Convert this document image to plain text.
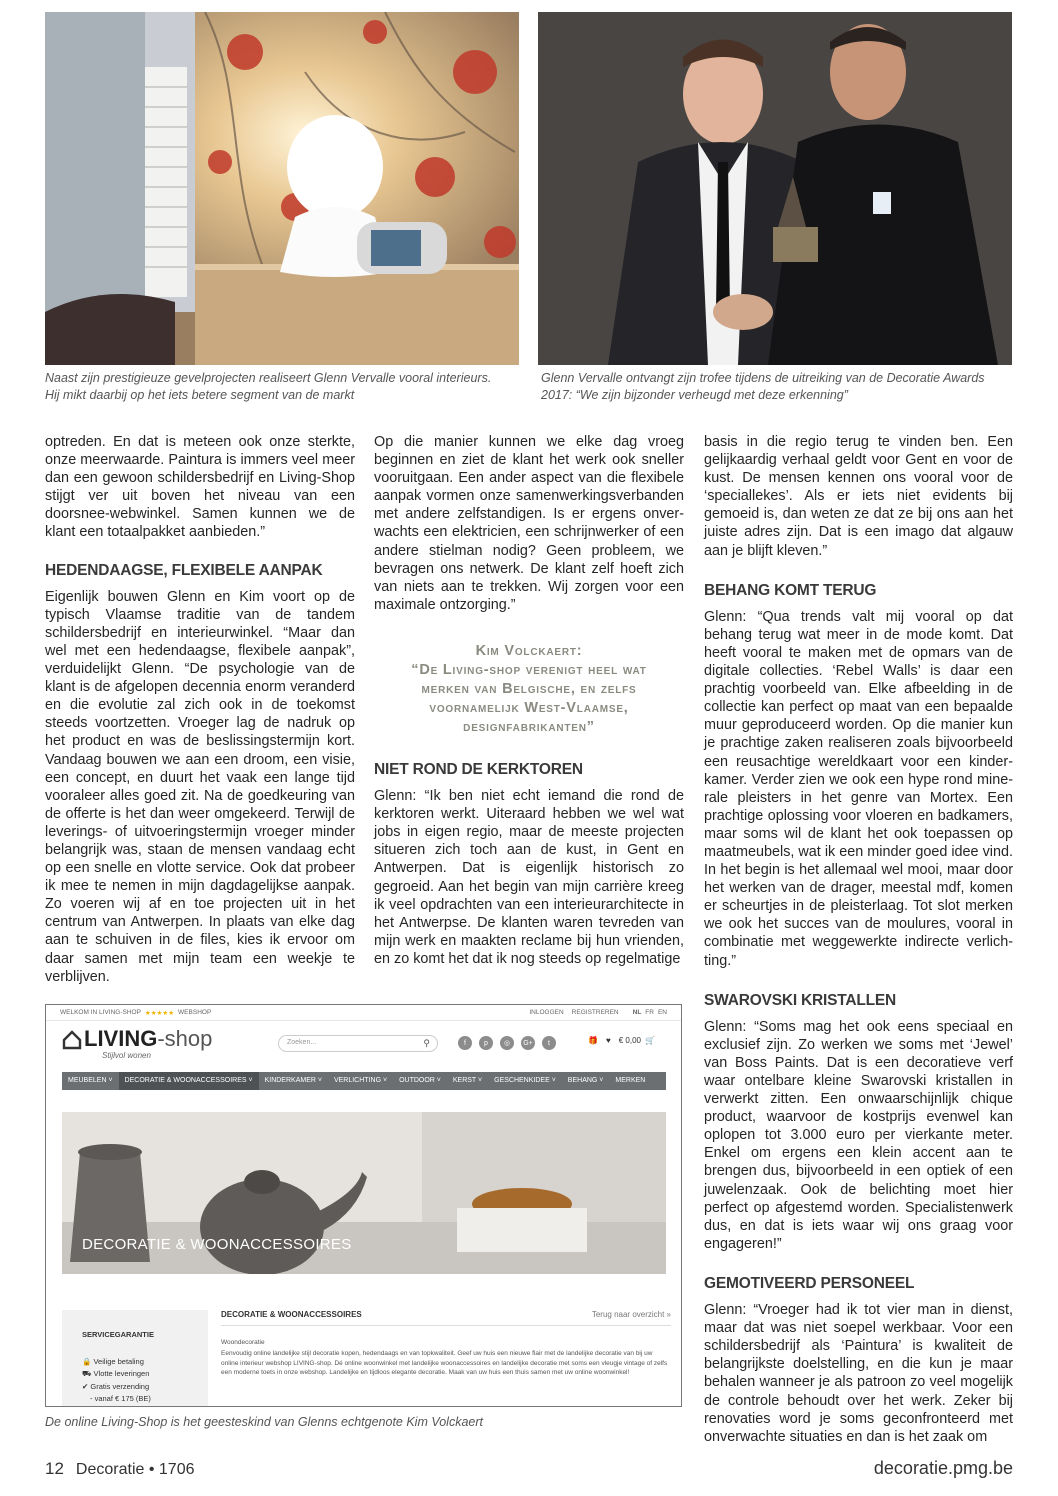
Naast zijn prestigieuze gevelprojecten realiseert Glenn Vervalle vooral interieurs.
Hij mikt daarbij op het iets betere segment van de markt
Glenn Vervalle ontvangt zijn trofee tijdens de uitreiking van de Decoratie Awards
2017: “We zijn bijzonder verheugd met deze erkenning”

optreden. En dat is meteen ook onze sterkte, onze meerwaarde. Paintura is immers veel meer dan een gewoon schildersbedrijf en Living-Shop stijgt ver uit boven het niveau van een doorsnee-webwinkel. Samen kunnen we de klant een totaalpakket aanbieden.”

HEDENDAAGSE, FLEXIBELE AANPAK

Eigenlijk bouwen Glenn en Kim voort op de typisch Vlaamse traditie van de tandem schildersbedrijf en interieurwinkel. “Maar dan wel met een hedendaagse, flexibele aanpak”, verduidelijkt Glenn. “De psychologie van de klant is de afgelopen decennia enorm veranderd en die evolutie zal zich ook in de toekomst steeds voortzetten. Vroeger lag de nadruk op het product en was de beslissingstermijn kort. Vandaag bouwen we aan een droom, een visie, een concept, en duurt het vaak een lange tijd vooraleer alles goed zit. Na de goedkeuring van de offerte is het dan weer omgekeerd. Terwijl de leverings- of uitvoeringstermijn vroeger minder belangrijk was, staan de mensen vandaag echt op een snelle en vlotte service. Ook dat probeer ik mee te nemen in mijn dagdagelijkse aanpak. Zo voeren wij af en toe projecten uit in het centrum van Antwerpen. In plaats van elke dag aan te schuiven in de files, kies ik ervoor om daar samen met mijn team een weekje te verblijven.

Op die manier kunnen we elke dag vroeg beginnen en ziet de klant het werk ook sneller vooruitgaan. Een ander aspect van die flexibele aanpak vormen onze samenwerkingsverbanden met andere zelfstandigen. Is er ergens onverwachts een elektricien, een schrijnwerker of een andere stielman nodig? Geen probleem, we bevragen ons netwerk. De klant zelf hoeft zich van niets aan te trekken. Wij zorgen voor een maximale ontzorging.”

Kim Volckaert:
“De Living-shop verenigt heel wat merken van Belgische, en zelfs voornamelijk West-Vlaamse, designfabrikanten”
NIET ROND DE KERKTOREN

Glenn: “Ik ben niet echt iemand die rond de kerktoren werkt. Uiteraard hebben we wel wat jobs in eigen regio, maar de meeste projecten situeren zich toch aan de kust, in Gent en Antwerpen. Dat is eigenlijk historisch zo gegroeid. Aan het begin van mijn carrière kreeg ik veel opdrachten van een interieurarchitecte in het Antwerpse. De klanten waren tevreden van mijn werk en maakten reclame bij hun vrienden, en zo komt het dat ik nog steeds op regelmatige

basis in die regio terug te vinden ben. Een gelijkaardig verhaal geldt voor Gent en voor de kust. De mensen kennen ons vooral voor de ‘speciallekes’. Als er iets niet evidents bij gemoeid is, dan weten ze dat ze bij ons aan het juiste adres zijn. Dat is een imago dat algauw aan je blijft kleven.”

BEHANG KOMT TERUG

Glenn: “Qua trends valt mij vooral op dat behang terug wat meer in de mode komt. Dat heeft vooral te maken met de opmars van de digitale collecties. ‘Rebel Walls’ is daar een prachtig voorbeeld van. Elke afbeelding in de collectie kan perfect op maat van een bepaalde muur geproduceerd worden. Op die manier kun je prachtige zaken realiseren zoals bijvoorbeeld een reusachtige wereldkaart voor een kinderkamer. Verder zien we ook een hype rond minerale pleisters in het genre van Mortex. Een prachtige oplossing voor vloeren en badkamers, maar soms wil de klant het ook toepassen op maatmeubels, wat ik een minder goed idee vind. In het begin is het allemaal wel mooi, maar door het werken van de drager, meestal mdf, komen er scheurtjes in de pleisterlaag. Tot slot merken we ook het succes van de moulures, vooral in combinatie met weggewerkte indirecte verlichting.”

SWAROVSKI KRISTALLEN

Glenn: “Soms mag het ook eens speciaal en exclusief zijn. Zo werken we soms met ‘Jewel’ van Boss Paints. Dat is een decoratieve verf waar ontelbare kleine Swarovski kristallen in verwerkt zitten. Een onwaarschijnlijk chique product, waarvoor de kostprijs evenwel kan oplopen tot 3.000 euro per vierkante meter. Enkel om ergens een klein accent aan te brengen dus, bijvoorbeeld in een optiek of een juwelenzaak. Ook de belichting moet hier perfect op afgestemd worden. Specialistenwerk dus, en dat is iets waar wij ons graag voor engageren!”

GEMOTIVEERD PERSONEEL

Glenn: “Vroeger had ik tot vier man in dienst, maar dat was niet soepel werkbaar. Voor een schildersbedrijf als ‘Paintura’ is kwaliteit de belangrijkste doelstelling, en die kun je maar behalen wanneer je als patroon zo veel mogelijk de controle behoudt over het werk. Zeker bij renovaties word je soms geconfronteerd met onverwachte situaties en dan is het zaak om

WELKOM IN LIVING-SHOP ★★★★★ WEBSHOP	INLOGGEN REGISTREREN NL FR EN
LIVING-shop
Stijlvol wonen
Zoeken...	⚲	f	p	◎	G+	t	🎁 ♥ € 0,00 🛒
MEUBELEN ˅	DECORATIE & WOONACCESSOIRES ˅	KINDERKAMER ˅	VERLICHTING ˅	OUTDOOR ˅	KERST ˅	GESCHENKIDEE ˅	BEHANG ˅	MERKEN
DECORATIE & WOONACCESSOIRES
SERVICEGARANTIE
🔒 Veilige betaling
⛟ Vlotte leveringen
✔ Gratis verzending
- vanaf € 175 (BE)
DECORATIE & WOONACCESSOIRES	Terug naar overzicht »
Woondecoratie
Eenvoudig online landelijke stijl decoratie kopen, hedendaags en van topkwaliteit. Geef uw huis een nieuwe flair met de landelijke decoratie van bij uw online interieur webshop LIVING-shop. Dé online woonwinkel met landelijke woonaccessoires en landelijke decoratie met soms een vleugje vintage of zelfs een moderne toets in onze webshop. Landelijke en tijdloos elegante decoratie. Maak van uw huis een thuis samen met uw online woonwinkel!
De online Living-Shop is het geesteskind van Glenns echtgenote Kim Volckaert
12 Decoratie • 1706	decoratie.pmg.be
